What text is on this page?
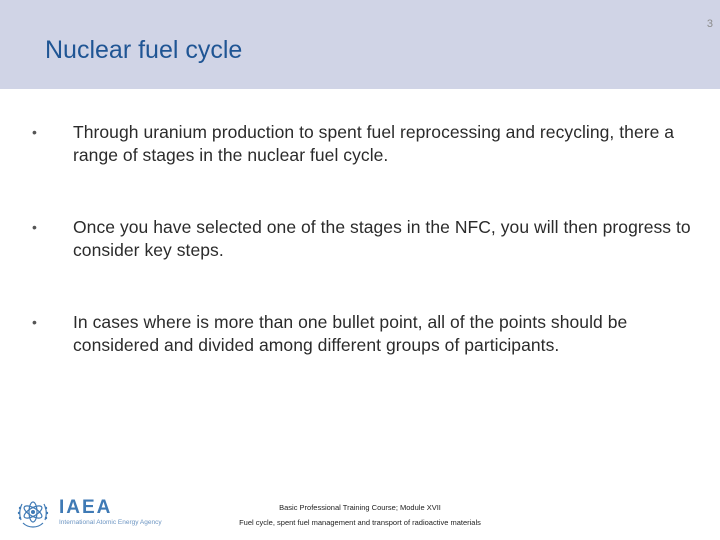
3
Nuclear fuel cycle
• Through uranium production to spent fuel reprocessing and recycling, there a range of stages in the nuclear fuel cycle.
• Once you have selected one of the stages in the NFC, you will then progress to consider key steps.
• In cases where is more than one bullet point, all of the points should be considered and divided among different groups of participants.
IAEA
International Atomic Energy Agency
Basic Professional Training Course; Module XVII
Fuel cycle, spent fuel management and transport of radioactive materials
